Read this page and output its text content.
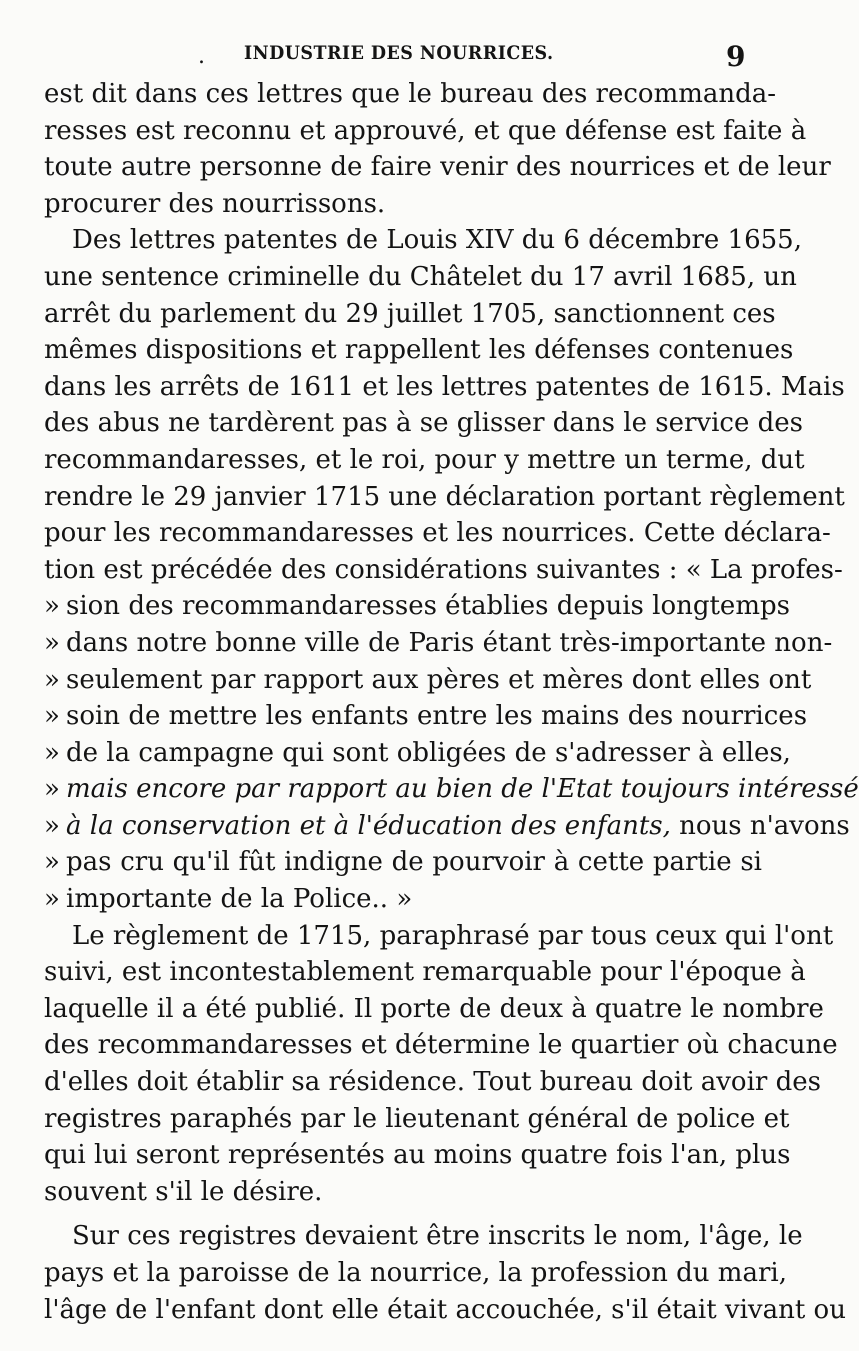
. INDUSTRIE DES NOURRICES.	9
est dit dans ces lettres que le bureau des recommanda-
resses est reconnu et approuvé, et que défense est faite à
toute autre personne de faire venir des nourrices et de leur
procurer des nourrissons.
Des lettres patentes de Louis XIV du 6 décembre 1655,
une sentence criminelle du Châtelet du 17 avril 1685, un
arrêt du parlement du 29 juillet 1705, sanctionnent ces
mêmes dispositions et rappellent les défenses contenues
dans les arrêts de 1611 et les lettres patentes de 1615. Mais
des abus ne tardèrent pas à se glisser dans le service des
recommandaresses, et le roi, pour y mettre un terme, dut
rendre le 29 janvier 1715 une déclaration portant règlement
pour les recommandaresses et les nourrices. Cette déclara-
tion est précédée des considérations suivantes : « La profes-
» sion des recommandaresses établies depuis longtemps
» dans notre bonne ville de Paris étant très-importante non-
» seulement par rapport aux pères et mères dont elles ont
» soin de mettre les enfants entre les mains des nourrices
» de la campagne qui sont obligées de s'adresser à elles,
» mais encore par rapport au bien de l'Etat toujours intéressé
» à la conservation et à l'éducation des enfants, nous n'avons
» pas cru qu'il fût indigne de pourvoir à cette partie si
» importante de la Police.. »
Le règlement de 1715, paraphrasé par tous ceux qui l'ont
suivi, est incontestablement remarquable pour l'époque à
laquelle il a été publié. Il porte de deux à quatre le nombre
des recommandaresses et détermine le quartier où chacune
d'elles doit établir sa résidence. Tout bureau doit avoir des
registres paraphés par le lieutenant général de police et
qui lui seront représentés au moins quatre fois l'an, plus
souvent s'il le désire.
Sur ces registres devaient être inscrits le nom, l'âge, le
pays et la paroisse de la nourrice, la profession du mari,
l'âge de l'enfant dont elle était accouchée, s'il était vivant ou
